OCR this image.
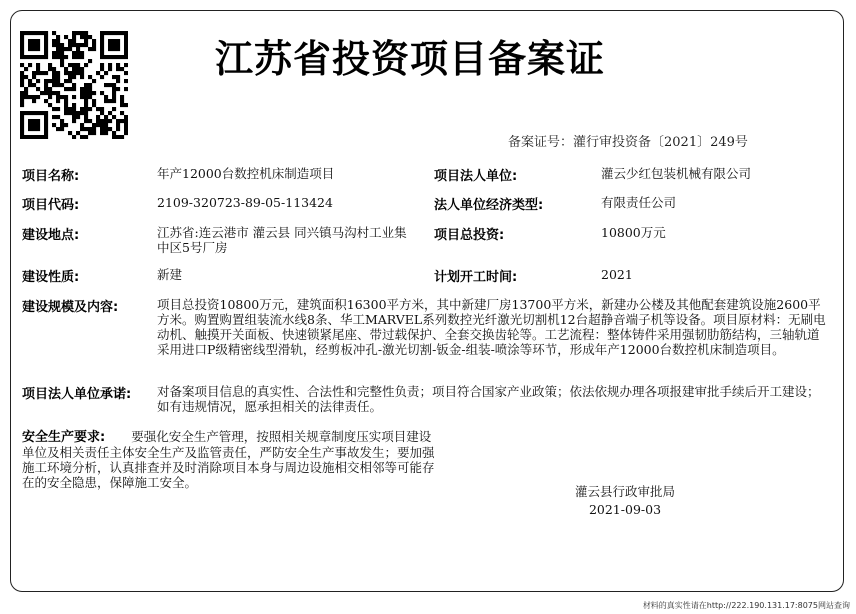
江苏省投资项目备案证
备案证号：灌行审投资备〔2021〕249号
项目名称:	年产12000台数控机床制造项目	项目法人单位:	灌云少红包装机械有限公司
项目代码:	2109-320723-89-05-113424	法人单位经济类型:	有限责任公司
建设地点:	江苏省:连云港市 灌云县 同兴镇马沟村工业集中区5号厂房
项目总投资:	10800万元
建设性质:	新建	计划开工时间:	2021
建设规模及内容:	项目总投资10800万元，建筑面积16300平方米，其中新建厂房13700平方米，新建办公楼及其他配套建筑设施2600平方米。购置购置组装流水线8条、华工MARVEL系列数控光纤激光切割机12台超静音端子机等设备。项目原材料：无刷电动机、触摸开关面板、快速锁紧尾座、带过载保护、全套交换齿轮等。工艺流程：整体铸件采用强韧肋筋结构，三轴轨道采用进口P级精密线型滑轨，经剪板冲孔-激光切割-钣金-组装-喷涂等环节，形成年产12000台数控机床制造项目。
项目法人单位承诺: 对备案项目信息的真实性、合法性和完整性负责；项目符合国家产业政策；依法依规办理各项报建审批手续后开工建设；如有违规情况，愿承担相关的法律责任。
安全生产要求: 要强化安全生产管理，按照相关规章制度压实项目建设单位及相关责任主体安全生产及监管责任，严防安全生产事故发生；要加强施工环境分析，认真排查并及时消除项目本身与周边设施相交相邻等可能存在的安全隐患，保障施工安全。
灌云县行政审批局
2021-09-03
材料的真实性请在http://222.190.131.17:8075网站查询
